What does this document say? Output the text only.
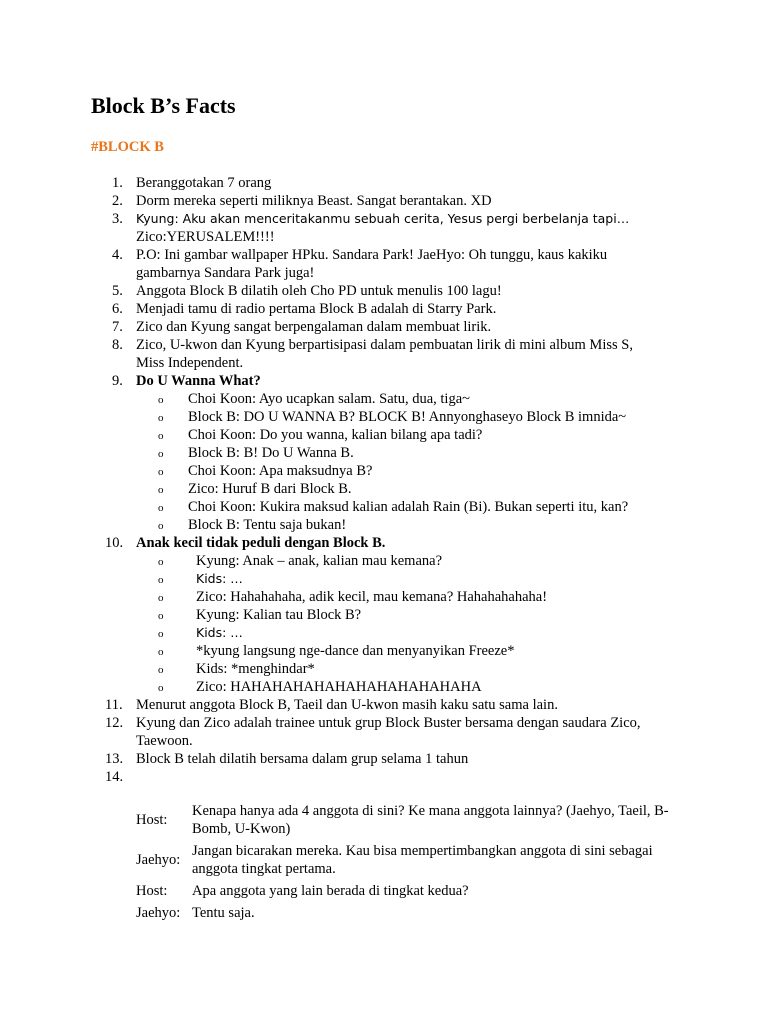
Block B’s Facts
#BLOCK B
1. Beranggotakan 7 orang
2. Dorm mereka seperti miliknya Beast. Sangat berantakan. XD
3.	Kyung: Aku akan menceritakanmu sebuah cerita, Yesus pergi berbelanja tapi…
Zico:YERUSALEM!!!!
4. P.O: Ini gambar wallpaper HPku. Sandara Park! JaeHyo: Oh tunggu, kaus kakiku gambarnya Sandara Park juga!
5. Anggota Block B dilatih oleh Cho PD untuk menulis 100 lagu!
6. Menjadi tamu di radio pertama Block B adalah di Starry Park.
7. Zico dan Kyung sangat berpengalaman dalam membuat lirik.
8. Zico, U-kwon dan Kyung berpartisipasi dalam pembuatan lirik di mini album Miss S, Miss Independent.
9. Do U Wanna What?
o Choi Koon: Ayo ucapkan salam. Satu, dua, tiga~
o Block B: DO U WANNA B? BLOCK B! Annyonghaseyo Block B imnida~
o Choi Koon: Do you wanna, kalian bilang apa tadi?
o Block B: B! Do U Wanna B.
o Choi Koon: Apa maksudnya B?
o Zico: Huruf B dari Block B.
o Choi Koon: Kukira maksud kalian adalah Rain (Bi). Bukan seperti itu, kan?
o Block B: Tentu saja bukan!
10. Anak kecil tidak peduli dengan Block B.
o Kyung: Anak – anak, kalian mau kemana?
o	Kids: …
o Zico: Hahahahaha, adik kecil, mau kemana? Hahahahahaha!
o Kyung: Kalian tau Block B?
o	Kids: …
o *kyung langsung nge-dance dan menyanyikan Freeze*
o Kids: *menghindar*
o Zico: HAHAHAHAHAHAHAHAHAHAHAHA
11. Menurut anggota Block B, Taeil dan U-kwon masih kaku satu sama lain.
12. Kyung dan Zico adalah trainee untuk grup Block Buster bersama dengan saudara Zico, Taewoon.
13. Block B telah dilatih bersama dalam grup selama 1 tahun
14.

Host:	Kenapa hanya ada 4 anggota di sini? Ke mana anggota lainnya? (Jaehyo, Taeil, B-Bomb, U-Kwon)
Jaehyo:	Jangan bicarakan mereka. Kau bisa mempertimbangkan anggota di sini sebagai anggota tingkat pertama.
Host:	Apa anggota yang lain berada di tingkat kedua?
Jaehyo:	Tentu saja.
